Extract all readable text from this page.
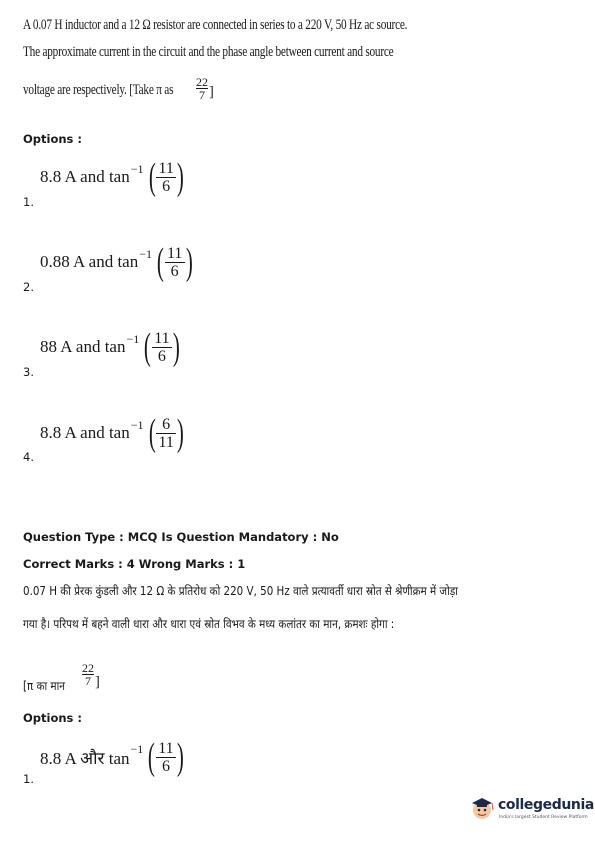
A 0.07 H inductor and a 12 Ω resistor are connected in series to a 220 V, 50 Hz ac source.
The approximate current in the circuit and the phase angle between current and source
voltage are respectively. [Take π as $\frac{22}{7}$ ]
Options :
8.8 A and tan −1 ( $\frac{11}{6}$ )
1.
0.88 A and tan −1 ( $\frac{11}{6}$ )
2.
88 A and tan −1 ( $\frac{11}{6}$ )
3.
8.8 A and tan −1 ( $\frac{6}{11}$ )
4.
Question Type : MCQ Is Question Mandatory : No
Correct Marks : 4 Wrong Marks : 1
0.07 H की प्रेरक कुंडली और 12 Ω के प्रतिरोध को 220 V, 50 Hz वाले प्रत्यावर्ती धारा स्रोत से श्रेणीक्रम में जोड़ा
गया है। परिपथ में बहने वाली धारा और धारा एवं स्रोत विभव के मध्य कलांतर का मान, क्रमशः होगा :
[π का मान
22
7 ]
Options :
8.8 A और tan −1 ( $\frac{11}{6}$ )
1.
collegedunia
India's largest Student Review Platform
